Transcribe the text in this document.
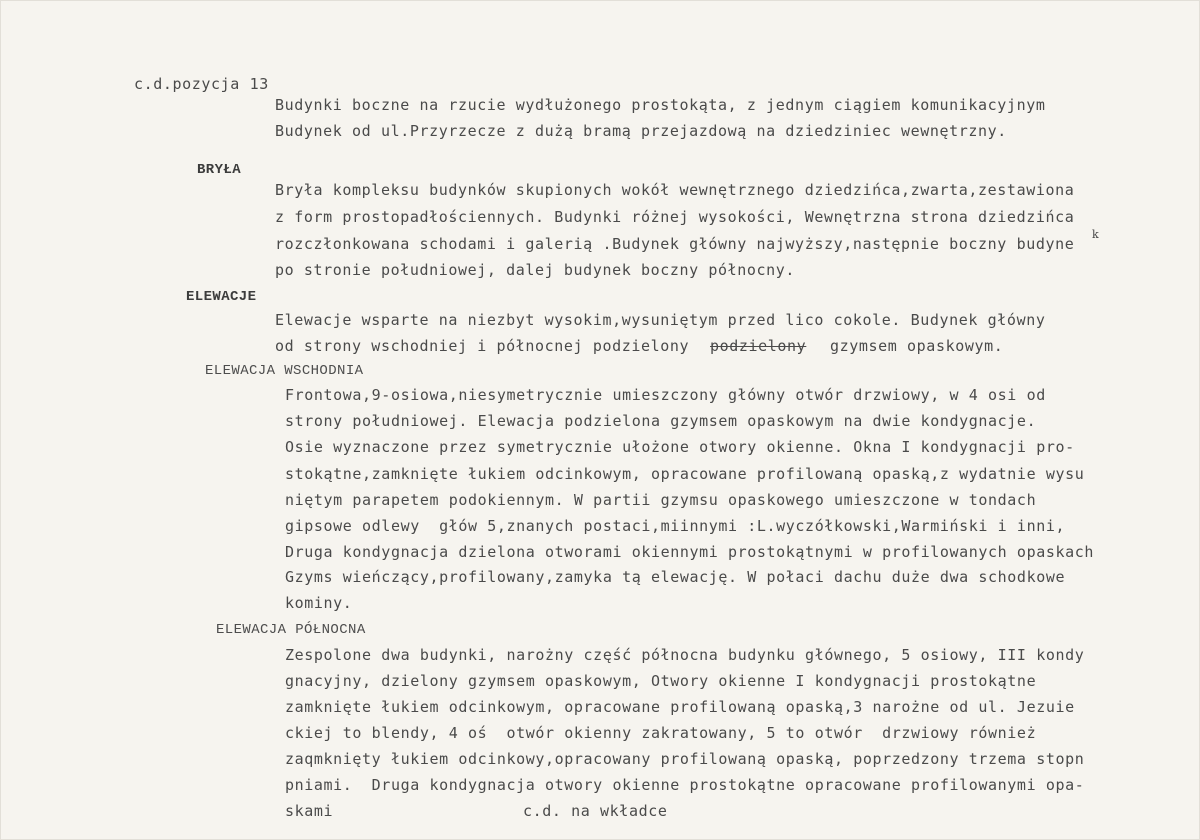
c.d.pozycja 13
Budynki boczne na rzucie wydłużonego prostokąta, z jednym ciągiem komunikacyjnym
Budynek od ul.Przyrzecze z dużą bramą przejazdową na dziedziniec wewnętrzny.
BRYŁA
Bryła kompleksu budynków skupionych wokół wewnętrznego dziedzińca,zwarta,zestawiona
z form prostopadłościennych. Budynki różnej wysokości, Wewnętrzna strona dziedzińca
rozczłonkowana schodami i galerią .Budynek główny najwyższy,następnie boczny budyne
k
po stronie południowej, dalej budynek boczny północny.
ELEWACJE
Elewacje wsparte na niezbyt wysokim,wysuniętym przed lico cokole. Budynek główny
od strony wschodniej i północnej podzielony podzielony gzymsem opaskowym.
ELEWACJA WSCHODNIA
Frontowa,9-osiowa,niesymetrycznie umieszczony główny otwór drzwiowy, w 4 osi od
strony południowej. Elewacja podzielona gzymsem opaskowym na dwie kondygnacje.
Osie wyznaczone przez symetrycznie ułożone otwory okienne. Okna I kondygnacji pro-
stokątne,zamknięte łukiem odcinkowym, opracowane profilowaną opaską,z wydatnie wysu
niętym parapetem podokiennym. W partii gzymsu opaskowego umieszczone w tondach
gipsowe odlewy  głów 5,znanych postaci,miinnymi :L.wyczółkowski,Warmiński i inni,
Druga kondygnacja dzielona otworami okiennymi prostokątnymi w profilowanych opaskach
Gzyms wieńczący,profilowany,zamyka tą elewację. W połaci dachu duże dwa schodkowe
kominy.
ELEWACJA PÓŁNOCNA
Zespolone dwa budynki, narożny część północna budynku głównego, 5 osiowy, III kondy
gnacyjny, dzielony gzymsem opaskowym, Otwory okienne I kondygnacji prostokątne
zamknięte łukiem odcinkowym, opracowane profilowaną opaską,3 narożne od ul. Jezuie
ckiej to blendy, 4 oś  otwór okienny zakratowany, 5 to otwór  drzwiowy również
zaqmknięty łukiem odcinkowy,opracowany profilowaną opaską, poprzedzony trzema stopn
pniami.  Druga kondygnacja otwory okienne prostokątne opracowane profilowanymi opa-
skami	c.d. na wkładce
